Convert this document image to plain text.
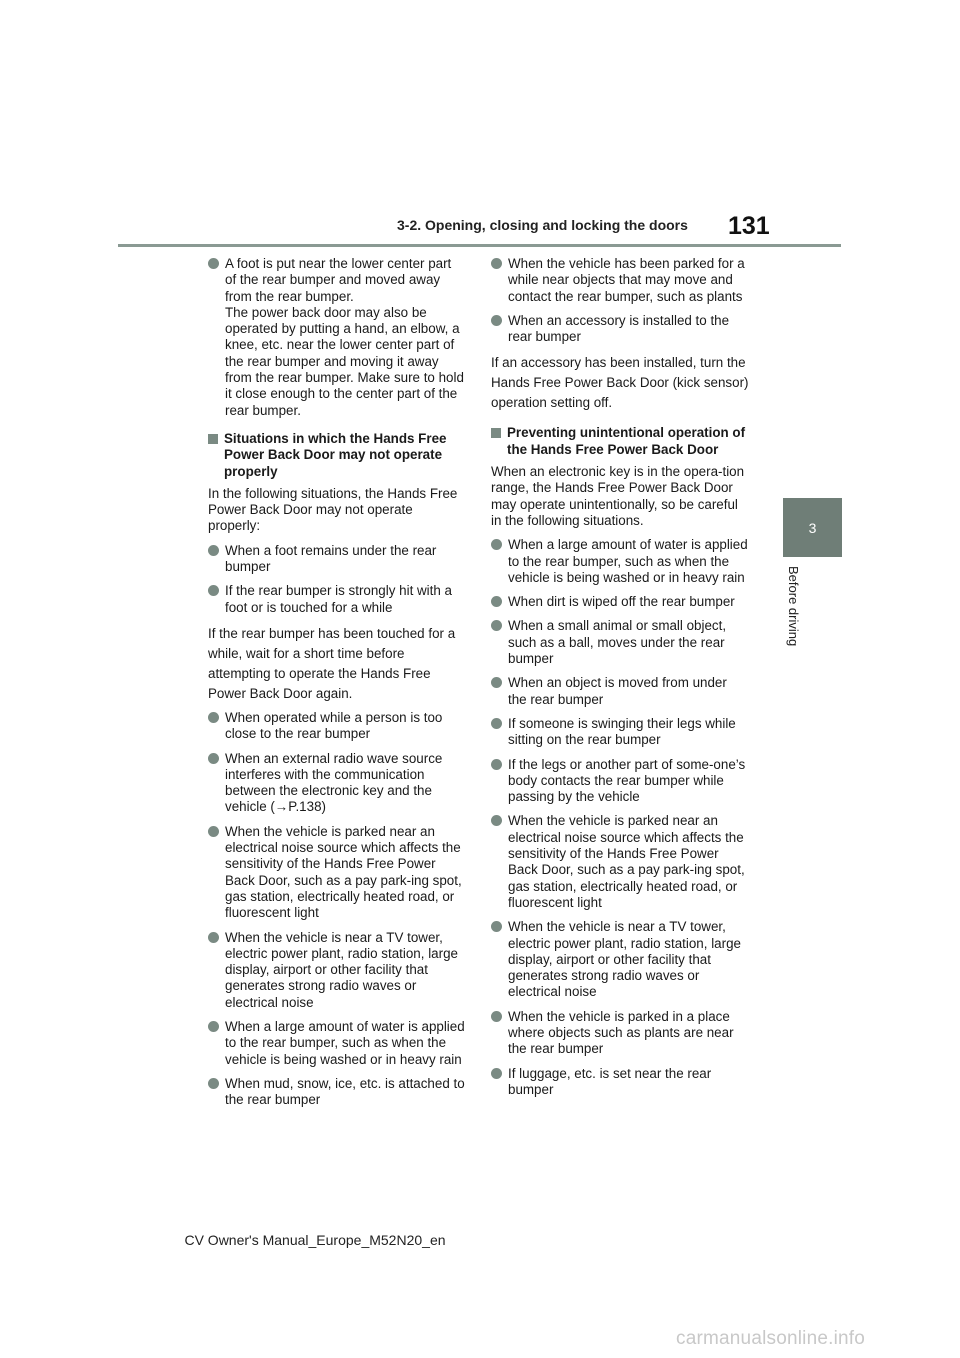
3-2. Opening, closing and locking the doors 131
3
Before driving
A foot is put near the lower center part of the rear bumper and moved away from the rear bumper.
The power back door may also be operated by putting a hand, an elbow, a knee, etc. near the lower center part of the rear bumper and moving it away from the rear bumper. Make sure to hold it close enough to the center part of the rear bumper.
Situations in which the Hands Free Power Back Door may not operate properly
In the following situations, the Hands Free Power Back Door may not operate properly:
When a foot remains under the rear bumper
If the rear bumper is strongly hit with a foot or is touched for a while
If the rear bumper has been touched for a while, wait for a short time before attempting to operate the Hands Free Power Back Door again.
When operated while a person is too close to the rear bumper
When an external radio wave source interferes with the communication between the electronic key and the vehicle (→P.138)
When the vehicle is parked near an electrical noise source which affects the sensitivity of the Hands Free Power Back Door, such as a pay park-ing spot, gas station, electrically heated road, or fluorescent light
When the vehicle is near a TV tower, electric power plant, radio station, large display, airport or other facility that generates strong radio waves or electrical noise
When a large amount of water is applied to the rear bumper, such as when the vehicle is being washed or in heavy rain
When mud, snow, ice, etc. is attached to the rear bumper
When the vehicle has been parked for a while near objects that may move and contact the rear bumper, such as plants
When an accessory is installed to the rear bumper
If an accessory has been installed, turn the Hands Free Power Back Door (kick sensor) operation setting off.
Preventing unintentional operation of the Hands Free Power Back Door
When an electronic key is in the opera-tion range, the Hands Free Power Back Door may operate unintentionally, so be careful in the following situations.
When a large amount of water is applied to the rear bumper, such as when the vehicle is being washed or in heavy rain
When dirt is wiped off the rear bumper
When a small animal or small object, such as a ball, moves under the rear bumper
When an object is moved from under the rear bumper
If someone is swinging their legs while sitting on the rear bumper
If the legs or another part of some-one’s body contacts the rear bumper while passing by the vehicle
When the vehicle is parked near an electrical noise source which affects the sensitivity of the Hands Free Power Back Door, such as a pay park-ing spot, gas station, electrically heated road, or fluorescent light
When the vehicle is near a TV tower, electric power plant, radio station, large display, airport or other facility that generates strong radio waves or electrical noise
When the vehicle is parked in a place where objects such as plants are near the rear bumper
If luggage, etc. is set near the rear bumper
CV Owner's Manual_Europe_M52N20_en
carmanualsonline.info
